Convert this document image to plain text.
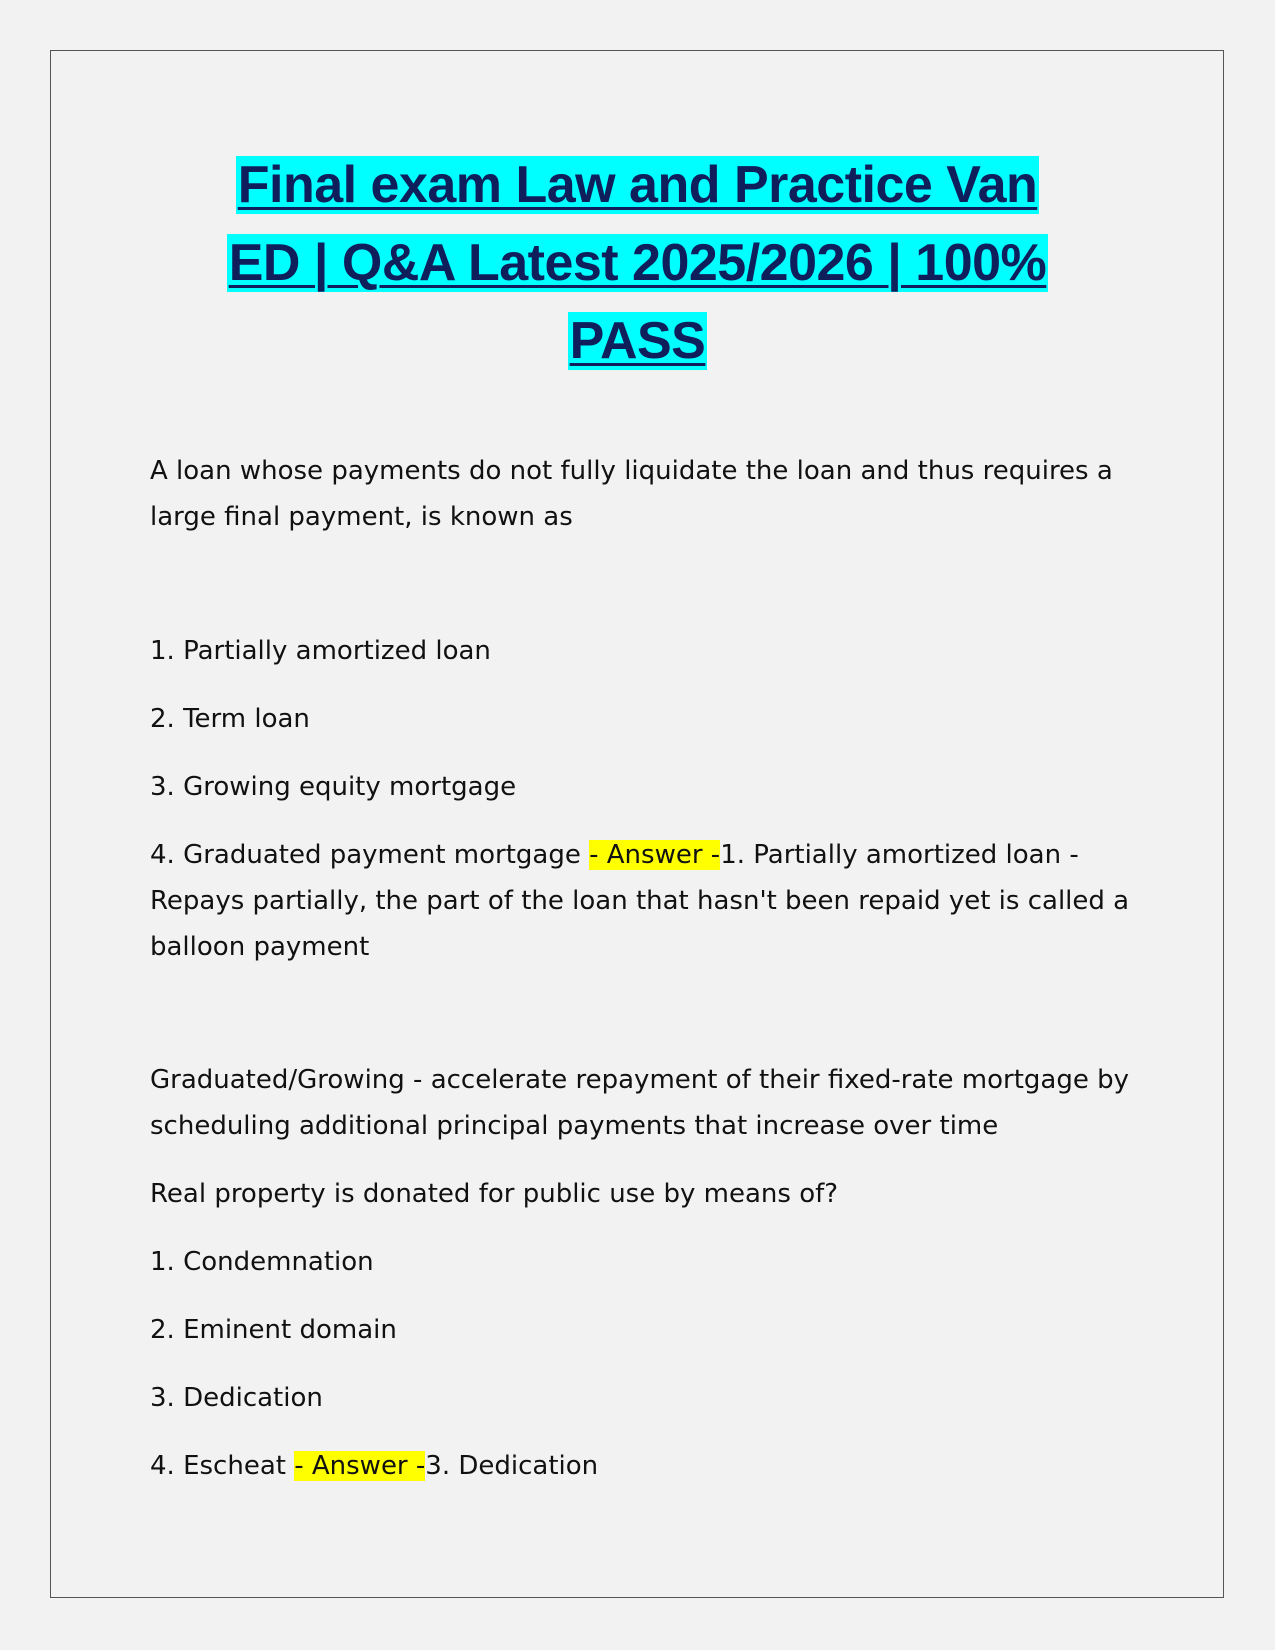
Final exam Law and Practice Van
ED | Q&A Latest 2025/2026 | 100%
PASS

A loan whose payments do not fully liquidate the loan and thus requires a large final payment, is known as

1. Partially amortized loan

2. Term loan

3. Growing equity mortgage

4. Graduated payment mortgage - Answer -1. Partially amortized loan - Repays partially, the part of the loan that hasn't been repaid yet is called a balloon payment

Graduated/Growing - accelerate repayment of their fixed-rate mortgage by scheduling additional principal payments that increase over time

Real property is donated for public use by means of?

1. Condemnation

2. Eminent domain

3. Dedication

4. Escheat - Answer -3. Dedication
